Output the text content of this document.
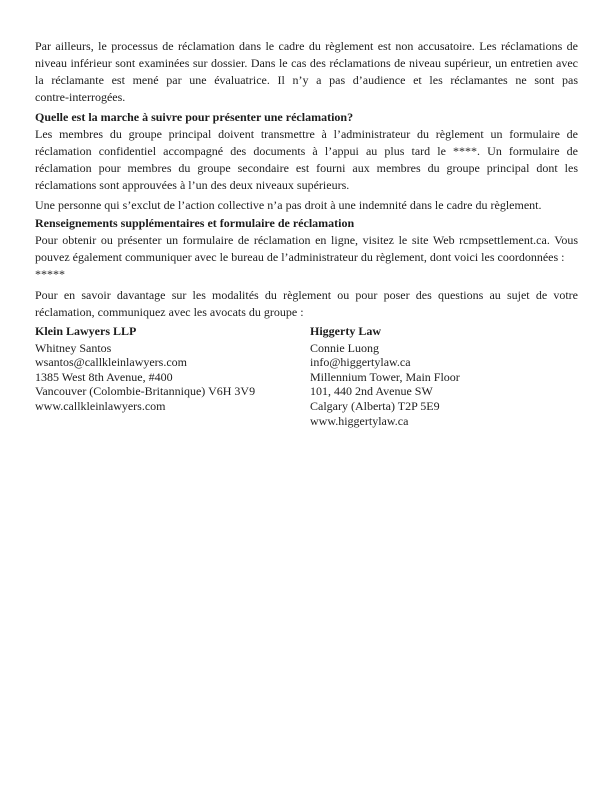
Par ailleurs, le processus de réclamation dans le cadre du règlement est non accusatoire. Les réclamations de
niveau inférieur sont examinées sur dossier. Dans le cas des réclamations de niveau supérieur, un entretien avec
la réclamante est mené par une évaluatrice. Il n’y a pas d’audience et les réclamantes ne sont pas
contre-interrogées.
Quelle est la marche à suivre pour présenter une réclamation?
Les membres du groupe principal doivent transmettre à l’administrateur du règlement un formulaire de
réclamation confidentiel accompagné des documents à l’appui au plus tard le ****. Un formulaire de
réclamation pour membres du groupe secondaire est fourni aux membres du groupe principal dont les
réclamations sont approuvées à l’un des deux niveaux supérieurs.
Une personne qui s’exclut de l’action collective n’a pas droit à une indemnité dans le cadre du règlement.
Renseignements supplémentaires et formulaire de réclamation
Pour obtenir ou présenter un formulaire de réclamation en ligne, visitez le site Web rcmpsettlement.ca. Vous
pouvez également communiquer avec le bureau de l’administrateur du règlement, dont voici les coordonnées :
*****
Pour en savoir davantage sur les modalités du règlement ou pour poser des questions au sujet de votre
réclamation, communiquez avec les avocats du groupe :
Klein Lawyers LLP
Whitney Santos
wsantos@callkleinlawyers.com
1385 West 8th Avenue, #400
Vancouver (Colombie-Britannique) V6H 3V9
www.callkleinlawyers.com
Higgerty Law
Connie Luong
info@higgertylaw.ca
Millennium Tower, Main Floor
101, 440 2nd Avenue SW
Calgary (Alberta) T2P 5E9
www.higgertylaw.ca
